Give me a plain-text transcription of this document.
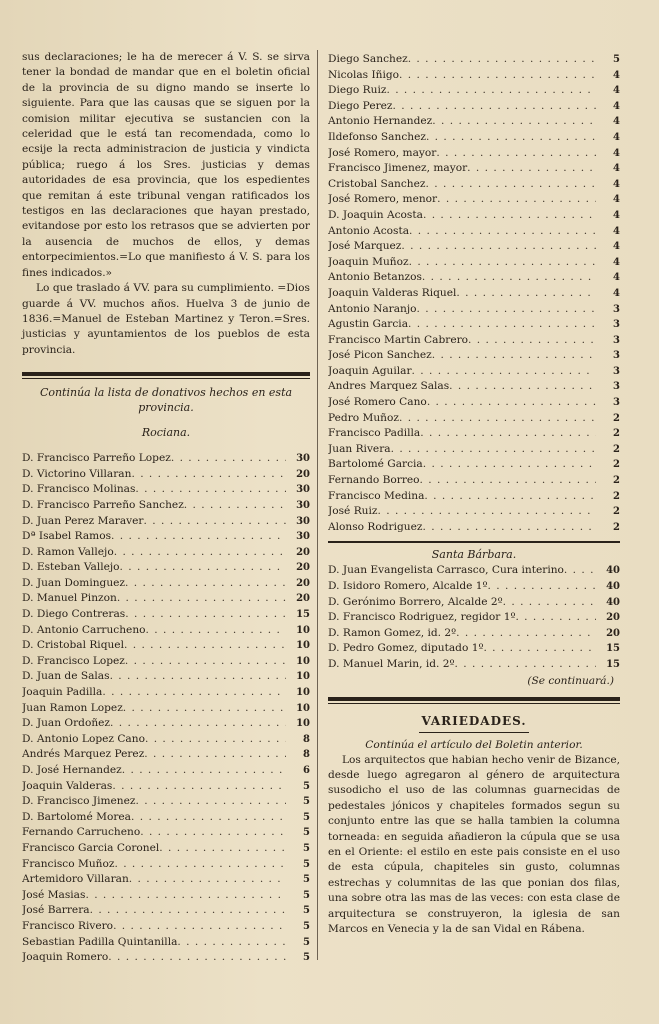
sus declaraciones; le ha de merecer á V. S. se sirva tener la bondad de mandar que en el boletin oficial de la provincia de su digno mando se inserte lo siguiente. Para que las causas que se siguen por la comision militar ejecutiva se sustancien con la celeridad que le está tan recomendada, como lo ecsije la recta administracion de justicia y vindicta pública; ruego á los Sres. justicias y demas autoridades de esa provincia, que los espedientes que remitan á este tribunal vengan ratificados los testigos en las declaraciones que hayan prestado, evitandose por esto los retrasos que se advierten por la ausencia de muchos de ellos, y demas entorpecimientos.=Lo que manifiesto á V. S. para los fines indicados.»

Lo que traslado á VV. para su cumplimiento. =Dios guarde á VV. muchos años. Huelva 3 de junio de 1836.=Manuel de Esteban Martinez y Teron.=Sres. justicias y ayuntamientos de los pueblos de esta provincia.

Continúa la lista de donativos hechos en esta provincia.
Rociana.
D. Francisco Parreño Lopez . . .	30
D. Victorino Villaran . . .	20
D. Francisco Molinas . . .	30
D. Francisco Parreño Sanchez . . .	30
D. Juan Perez Maraver . . .	30
Dª Isabel Ramos . . .	30
D. Ramon Vallejo . . .	20
D. Esteban Vallejo . . .	20
D. Juan Dominguez . . .	20
D. Manuel Pinzon . . .	20
D. Diego Contreras . . .	15
D. Antonio Carrucheno . . .	10
D. Cristobal Riquel . . .	10
D. Francisco Lopez . . .	10
D. Juan de Salas . . .	10
Joaquin Padilla . . .	10
Juan Ramon Lopez . . .	10
D. Juan Ordoñez . . .	10
D. Antonio Lopez Cano . . .	8
Andrés Marquez Perez . . .	8
D. José Hernandez . . .	6
Joaquin Valderas . . .	5
D. Francisco Jimenez . . .	5
D. Bartolomé Morea . . .	5
Fernando Carrucheno . . .	5
Francisco Garcia Coronel . . .	5
Francisco Muñoz . . .	5
Artemidoro Villaran . . .	5
José Masias . . .	5
José Barrera . . .	5
Francisco Rivero . . .	5
Sebastian Padilla Quintanilla . . .	5
Joaquin Romero . . .	5
Diego Sanchez . . .	5
Nicolas Iñigo . . .	4
Diego Ruiz . . .	4
Diego Perez . . .	4
Antonio Hernandez . . .	4
Ildefonso Sanchez . . .	4
José Romero, mayor . . .	4
Francisco Jimenez, mayor . . .	4
Cristobal Sanchez . . .	4
José Romero, menor . . .	4
D. Joaquin Acosta . . .	4
Antonio Acosta . . .	4
José Marquez . . .	4
Joaquin Muñoz . . .	4
Antonio Betanzos . . .	4
Joaquin Valderas Riquel . . .	4
Antonio Naranjo . . .	3
Agustin Garcia . . .	3
Francisco Martin Cabrero . . .	3
José Picon Sanchez . . .	3
Joaquin Aguilar . . .	3
Andres Marquez Salas . . .	3
José Romero Cano . . .	3
Pedro Muñoz . . .	2
Francisco Padilla . . .	2
Juan Rivera . . .	2
Bartolomé Garcia . . .	2
Fernando Borreo . . .	2
Francisco Medina . . .	2
José Ruiz . . .	2
Alonso Rodriguez . . .	2
Santa Bárbara.
D. Juan Evangelista Carrasco, Cura interino . . .	40
D. Isidoro Romero, Alcalde 1º . . .	40
D. Gerónimo Borrero, Alcalde 2º . . .	40
D. Francisco Rodriguez, regidor 1º . . .	20
D. Ramon Gomez, id. 2º . . .	20
D. Pedro Gomez, diputado 1º . . .	15
D. Manuel Marin, id. 2º . . .	15
(Se continuará.)
VARIEDADES.
Continúa el artículo del Boletin anterior.

Los arquitectos que habian hecho venir de Bizance, desde luego agregaron al género de arquitectura susodicho el uso de las columnas guarnecidas de pedestales jónicos y chapiteles formados segun su conjunto entre las que se halla tambien la columna torneada: en seguida añadieron la cúpula que se usa en el Oriente: el estilo en este pais consiste en el uso de esta cúpula, chapiteles sin gusto, columnas estrechas y columnitas de las que ponian dos filas, una sobre otra las mas de las veces: con esta clase de arquitectura se construyeron, la iglesia de san Marcos en Venecia y la de san Vidal en Rábena.
